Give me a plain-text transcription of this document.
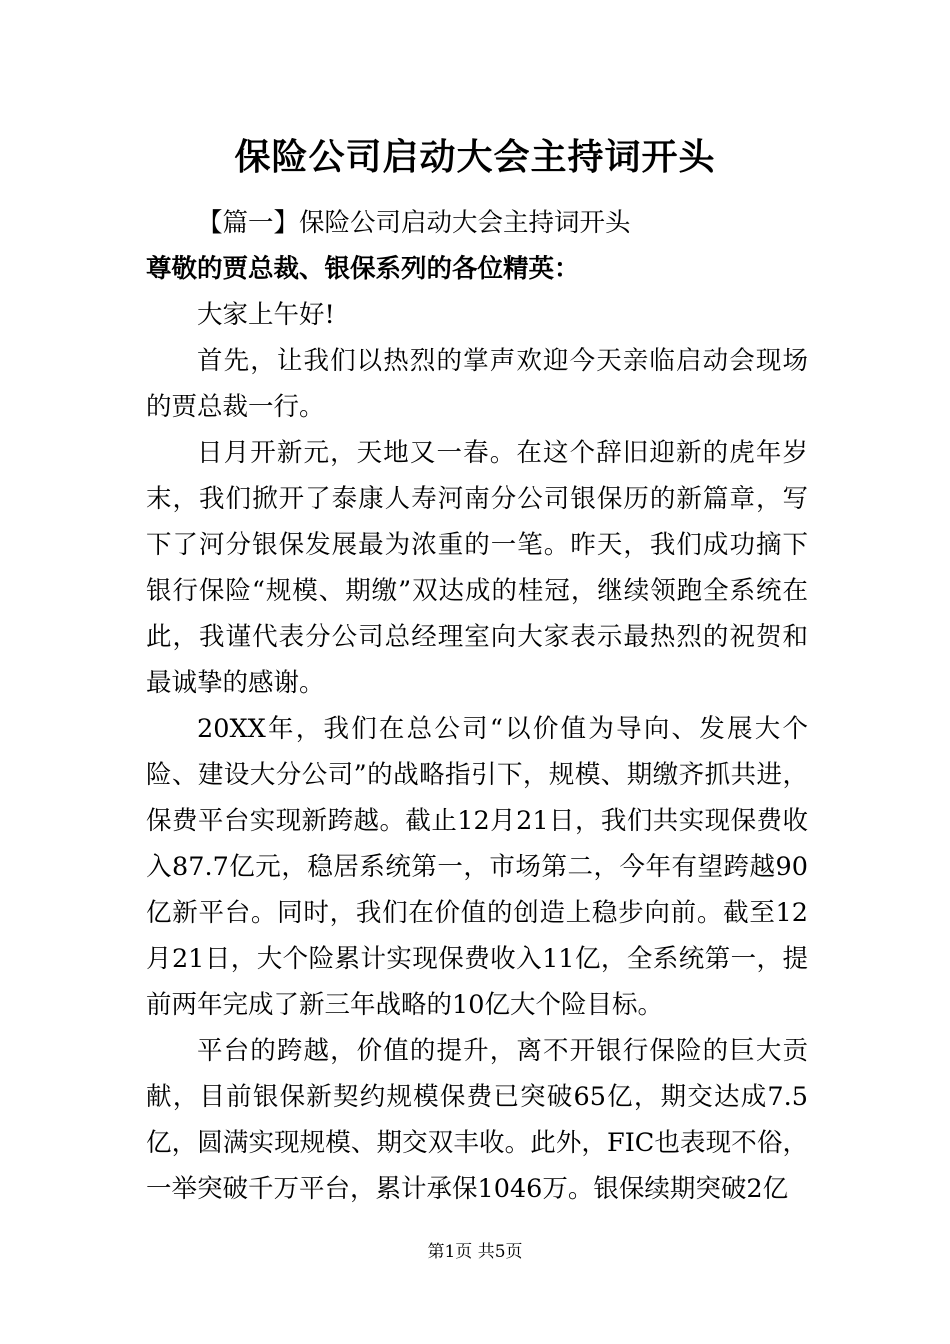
保险公司启动大会主持词开头

【篇一】保险公司启动大会主持词开头

尊敬的贾总裁、银保系列的各位精英：

大家上午好!

首先，让我们以热烈的掌声欢迎今天亲临启动会现场的贾总裁一行。

日月开新元，天地又一春。在这个辞旧迎新的虎年岁末，我们掀开了泰康人寿河南分公司银保历的新篇章，写下了河分银保发展最为浓重的一笔。昨天，我们成功摘下银行保险“规模、期缴”双达成的桂冠，继续领跑全系统在此，我谨代表分公司总经理室向大家表示最热烈的祝贺和最诚挚的感谢。

20XX年，我们在总公司“以价值为导向、发展大个险、建设大分公司”的战略指引下，规模、期缴齐抓共进，保费平台实现新跨越。截止12月21日，我们共实现保费收入87.7亿元，稳居系统第一，市场第二，今年有望跨越90亿新平台。同时，我们在价值的创造上稳步向前。截至12月21日，大个险累计实现保费收入11亿，全系统第一，提前两年完成了新三年战略的10亿大个险目标。

平台的跨越，价值的提升，离不开银行保险的巨大贡献，目前银保新契约规模保费已突破65亿，期交达成7.5亿，圆满实现规模、期交双丰收。此外，FIC也表现不俗，一举突破千万平台，累计承保1046万。银保续期突破2亿

第1页 共5页
